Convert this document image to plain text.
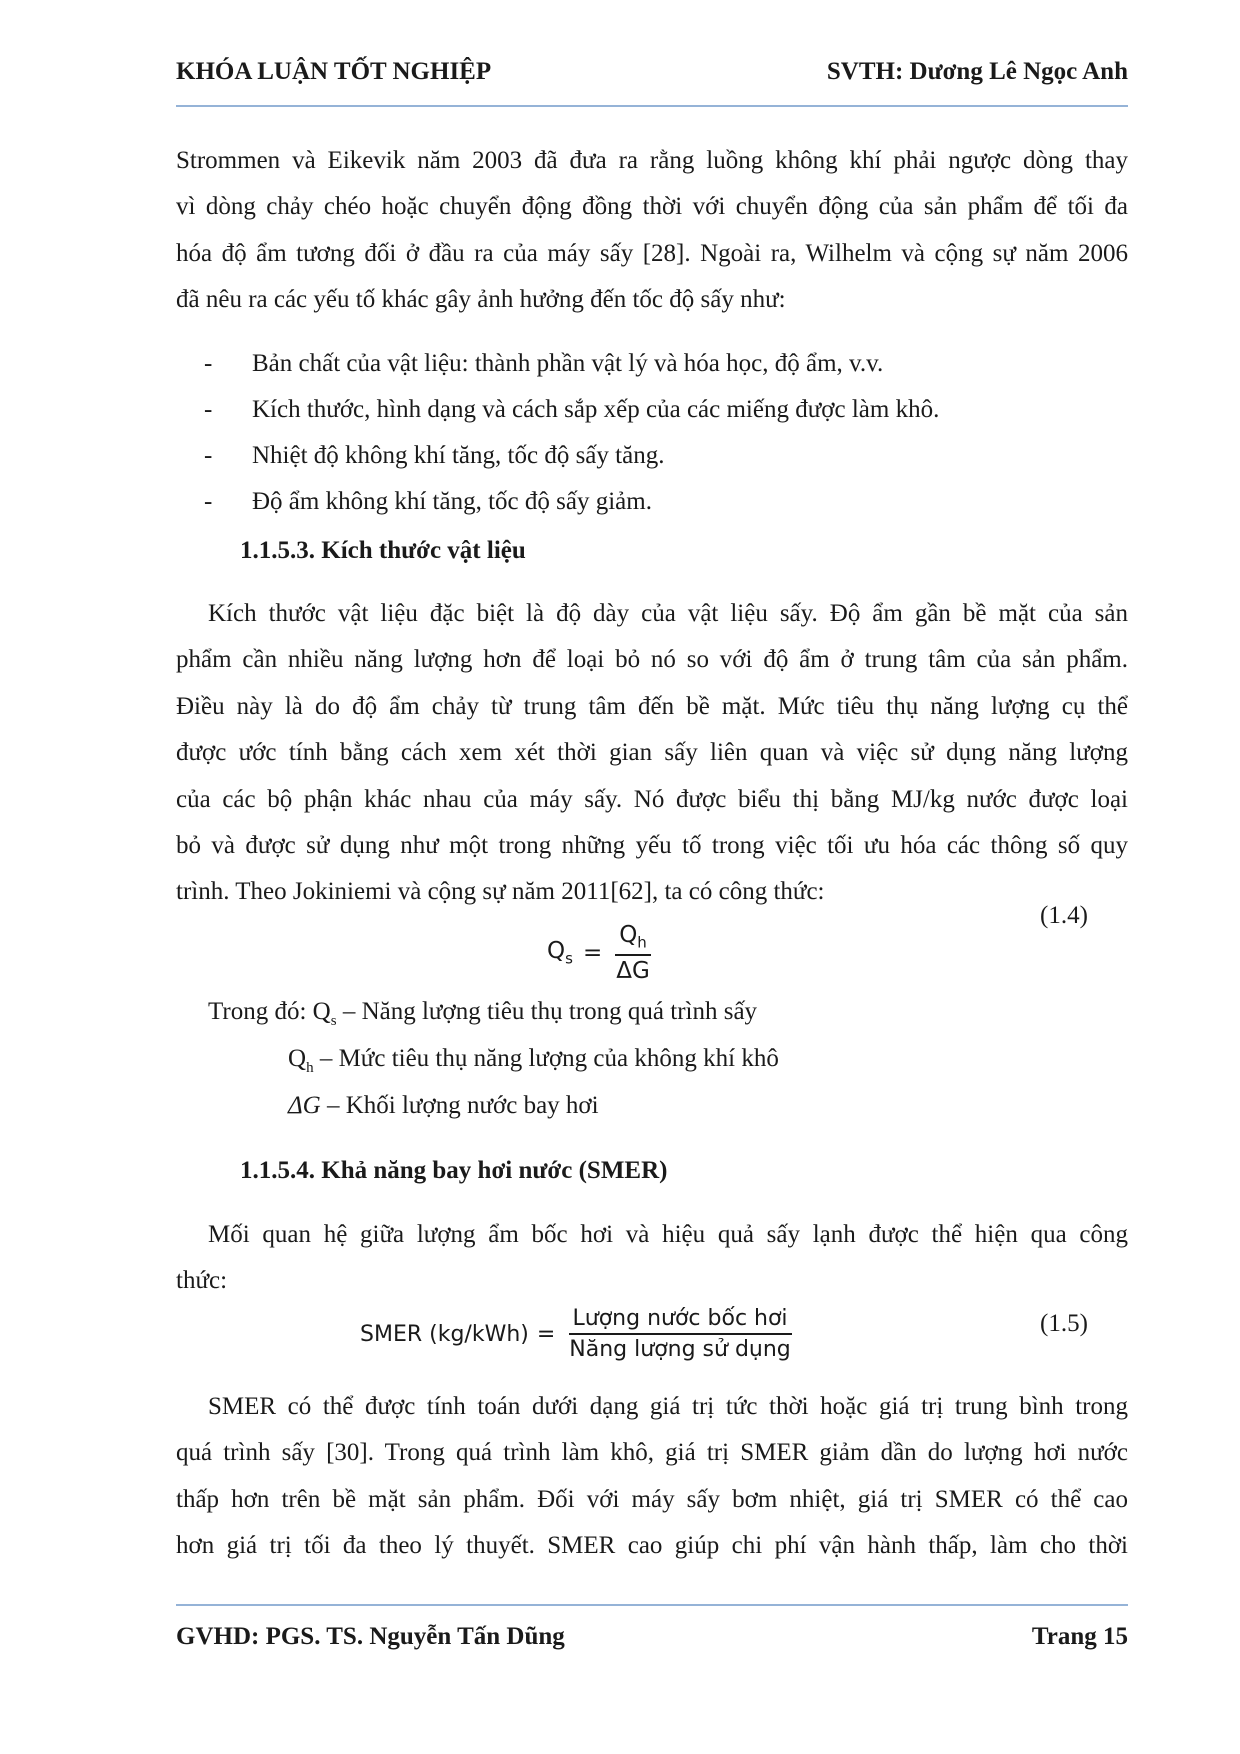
KHÓA LUẬN TỐT NGHIỆP	SVTH: Dương Lê Ngọc Anh
Strommen và Eikevik năm 2003 đã đưa ra rằng luồng không khí phải ngược dòng thay
vì dòng chảy chéo hoặc chuyển động đồng thời với chuyển động của sản phẩm để tối đa
hóa độ ẩm tương đối ở đầu ra của máy sấy [28]. Ngoài ra, Wilhelm và cộng sự năm 2006
đã nêu ra các yếu tố khác gây ảnh hưởng đến tốc độ sấy như:
- Bản chất của vật liệu: thành phần vật lý và hóa học, độ ẩm, v.v.
- Kích thước, hình dạng và cách sắp xếp của các miếng được làm khô.
- Nhiệt độ không khí tăng, tốc độ sấy tăng.
- Độ ẩm không khí tăng, tốc độ sấy giảm.
1.1.5.3. Kích thước vật liệu
Kích thước vật liệu đặc biệt là độ dày của vật liệu sấy. Độ ẩm gần bề mặt của sản
phẩm cần nhiều năng lượng hơn để loại bỏ nó so với độ ẩm ở trung tâm của sản phẩm.
Điều này là do độ ẩm chảy từ trung tâm đến bề mặt. Mức tiêu thụ năng lượng cụ thể
được ước tính bằng cách xem xét thời gian sấy liên quan và việc sử dụng năng lượng
của các bộ phận khác nhau của máy sấy. Nó được biểu thị bằng MJ/kg nước được loại
bỏ và được sử dụng như một trong những yếu tố trong việc tối ưu hóa các thông số quy
trình. Theo Jokiniemi và cộng sự năm 2011[62], ta có công thức:
(1.4)
$Q_s = \frac{Q_h}{\Delta G}$
Trong đó: $Q_s$ – Năng lượng tiêu thụ trong quá trình sấy
$Q_h$ – Mức tiêu thụ năng lượng của không khí khô
ΔG – Khối lượng nước bay hơi
1.1.5.4. Khả năng bay hơi nước (SMER)
Mối quan hệ giữa lượng ẩm bốc hơi và hiệu quả sấy lạnh được thể hiện qua công
thức:
(1.5)
SMER $(kg/kWh) = \frac{\text{Lượng nước bốc hơi}}{\text{Năng lượng sử dụng}}$
SMER có thể được tính toán dưới dạng giá trị tức thời hoặc giá trị trung bình trong
quá trình sấy [30]. Trong quá trình làm khô, giá trị SMER giảm dần do lượng hơi nước
thấp hơn trên bề mặt sản phẩm. Đối với máy sấy bơm nhiệt, giá trị SMER có thể cao
hơn giá trị tối đa theo lý thuyết. SMER cao giúp chi phí vận hành thấp, làm cho thời
GVHD: PGS. TS. Nguyễn Tấn Dũng	Trang 15
